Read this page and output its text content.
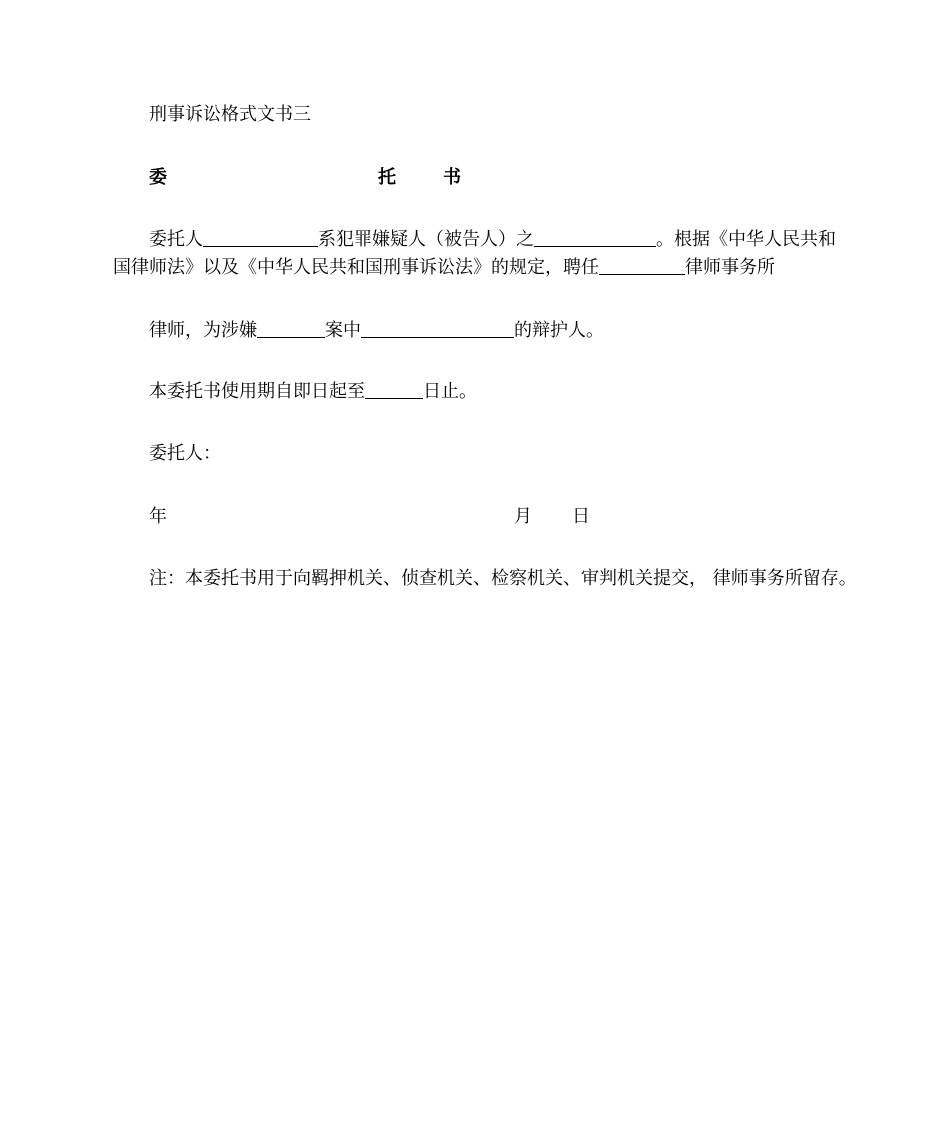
刑事诉讼格式文书三
委	托	书
委托人	系犯罪嫌疑人（被告人）之	。根据《中华人民共和
国律师法》以及《中华人民共和国刑事诉讼法》的规定，聘任	律师事务所
律师，为涉嫌	案中	的辩护人。
本委托书使用期自即日起至	日止。
委托人：
年	月 日
注：本委托书用于向羁押机关、侦查机关、检察机关、审判机关提交， 律师事务所留存。
